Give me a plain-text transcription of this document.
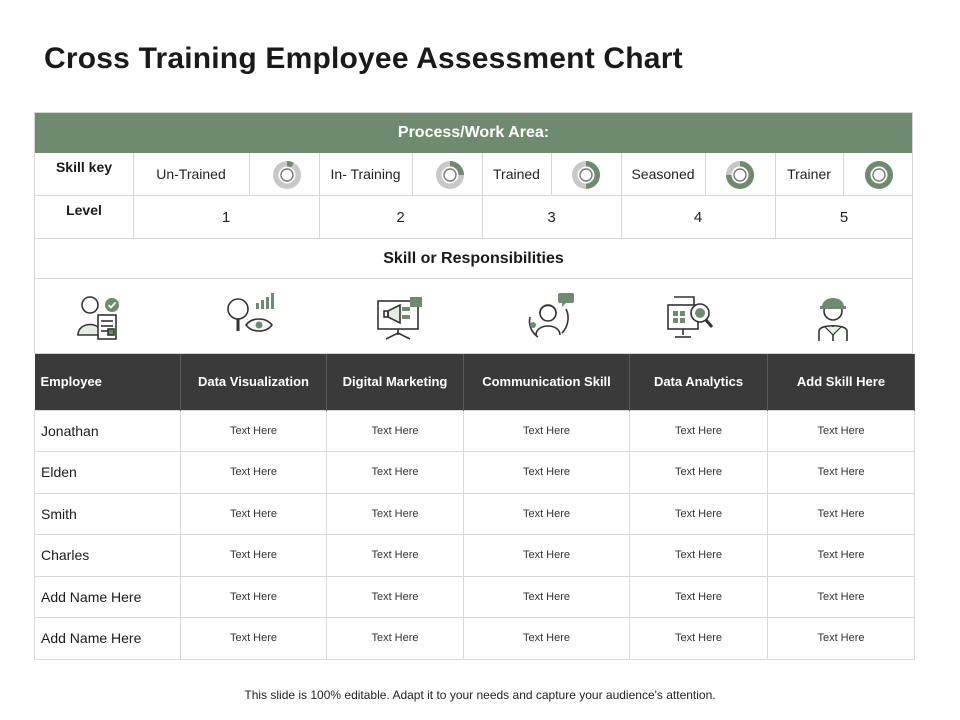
Cross Training Employee Assessment Chart
Process/Work Area:
Skill key	Un-Trained	In- Training	Trained	Seasoned	Trainer
Level	1	2	3	4	5
Skill or Responsibilities
Employee	Data Visualization	Digital Marketing	Communication Skill	Data Analytics	Add Skill Here
Jonathan	Text Here	Text Here	Text Here	Text Here	Text Here
Elden	Text Here	Text Here	Text Here	Text Here	Text Here
Smith	Text Here	Text Here	Text Here	Text Here	Text Here
Charles	Text Here	Text Here	Text Here	Text Here	Text Here
Add Name Here	Text Here	Text Here	Text Here	Text Here	Text Here
Add Name Here	Text Here	Text Here	Text Here	Text Here	Text Here
This slide is 100% editable. Adapt it to your needs and capture your audience's attention.
